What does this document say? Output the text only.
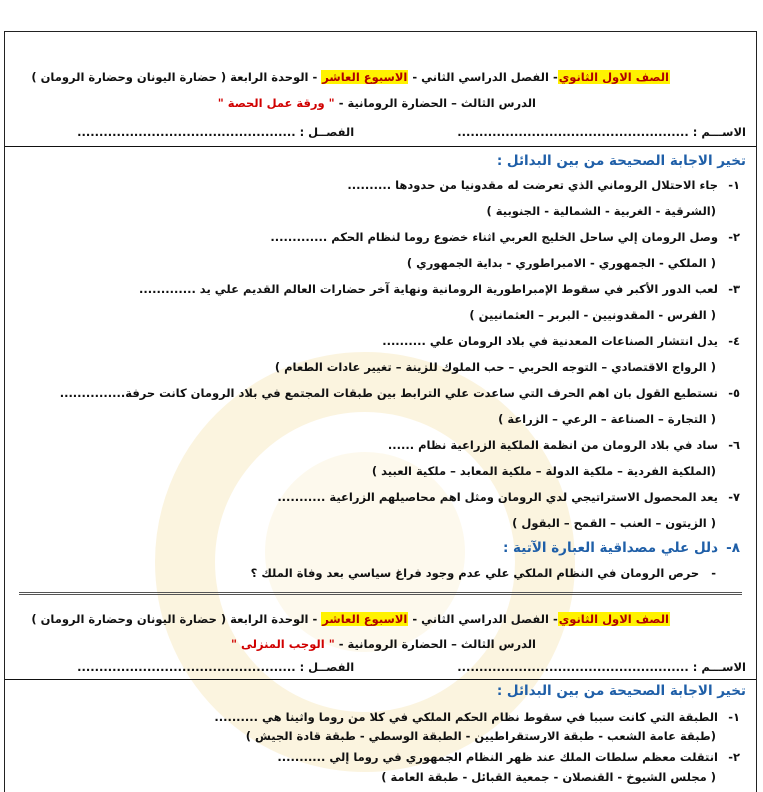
الصف الاول الثانوي- الفصل الدراسي الثاني - الاسبوع العاشر - الوحدة الرابعة ( حضارة اليونان وحضارة الرومان )
الدرس الثالث – الحضارة الرومانية - " ورقة عمل الحصة "
الاســـم : .....................................................  الفصــل : ..................................................
تخير الاجابة الصحيحة من بين البدائل :
١-جاء الاحتلال الروماني الذي تعرضت له مقدونيا من حدودها ..........
(الشرقية - الغربية - الشمالية - الجنوبية )
٢-وصل الرومان إلي ساحل الخليج العربي اثناء خضوع روما لنظام الحكم .............
( الملكي - الجمهوري - الامبراطوري - بداية الجمهوري )
٣-لعب الدور الأكبر في سقوط الإمبراطورية الرومانية ونهاية آخر حضارات العالم القديم علي يد .............
( الفرس - المقدونيين - البربر – العثمانيين )
٤-يدل انتشار الصناعات المعدنية في بلاد الرومان علي ..........
( الرواج الاقتصادي – التوجه الحربي – حب الملوك للزينة – تغيير عادات الطعام )
٥-نستطيع القول بان اهم الحرف التي ساعدت علي الترابط بين طبقات المجتمع في بلاد الرومان كانت حرفة...............
( التجارة – الصناعة – الرعي – الزراعة )
٦-ساد في بلاد الرومان من انظمة الملكية الزراعية نظام ......
(الملكية الفردية – ملكية الدولة – ملكية المعابد – ملكية العبيد )
٧-يعد المحصول الاستراتيجي لدي الرومان ومثل اهم محاصيلهم الزراعية ...........
( الزيتون – العنب – القمح – البقول )
٨-دلل علي مصداقية العبارة الآتية :
-   حرص الرومان في النظام الملكي علي عدم وجود فراغ سياسي بعد وفاة الملك ؟
الصف الاول الثانوي- الفصل الدراسي الثاني - الاسبوع العاشر - الوحدة الرابعة ( حضارة اليونان وحضارة الرومان )
الدرس الثالث – الحضارة الرومانية - " الوجب المنزلى "
الاســـم : .....................................................  الفصــل : ..................................................
تخير الاجابة الصحيحة من بين البدائل :
١-الطبقة التي كانت سببا في سقوط نظام الحكم الملكي في كلا من روما واثينا هي ..........
(طبقة عامة الشعب - طبقة الارستقراطيين - الطبقة الوسطي - طبقة قادة الجيش )
٢-انتقلت معظم سلطات الملك عند ظهر النظام الجمهوري في روما إلي ...........
( مجلس الشيوخ - القنصلان - جمعية القبائل - طبقة العامة )
